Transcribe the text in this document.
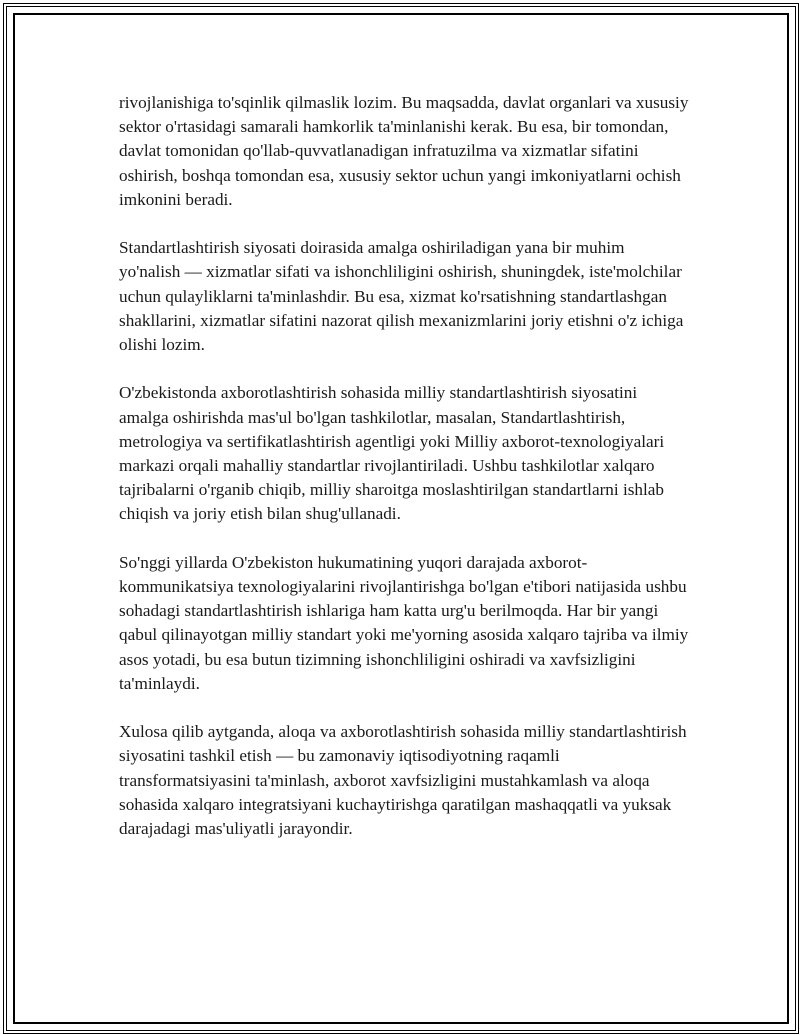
rivojlanishiga to'sqinlik qilmaslik lozim. Bu maqsadda, davlat organlari va xususiy sektor o'rtasidagi samarali hamkorlik ta'minlanishi kerak. Bu esa, bir tomondan, davlat tomonidan qo'llab-quvvatlanadigan infratuzilma va xizmatlar sifatini oshirish, boshqa tomondan esa, xususiy sektor uchun yangi imkoniyatlarni ochish imkonini beradi.

Standartlashtirish siyosati doirasida amalga oshiriladigan yana bir muhim yo'nalish — xizmatlar sifati va ishonchliligini oshirish, shuningdek, iste'molchilar uchun qulayliklarni ta'minlashdir. Bu esa, xizmat ko'rsatishning standartlashgan shakllarini, xizmatlar sifatini nazorat qilish mexanizmlarini joriy etishni o'z ichiga olishi lozim.

O'zbekistonda axborotlashtirish sohasida milliy standartlashtirish siyosatini amalga oshirishda mas'ul bo'lgan tashkilotlar, masalan, Standartlashtirish, metrologiya va sertifikatlashtirish agentligi yoki Milliy axborot-texnologiyalari markazi orqali mahalliy standartlar rivojlantiriladi. Ushbu tashkilotlar xalqaro tajribalarni o'rganib chiqib, milliy sharoitga moslashtirilgan standartlarni ishlab chiqish va joriy etish bilan shug'ullanadi.

So'nggi yillarda O'zbekiston hukumatining yuqori darajada axborot-kommunikatsiya texnologiyalarini rivojlantirishga bo'lgan e'tibori natijasida ushbu sohadagi standartlashtirish ishlariga ham katta urg'u berilmoqda. Har bir yangi qabul qilinayotgan milliy standart yoki me'yorning asosida xalqaro tajriba va ilmiy asos yotadi, bu esa butun tizimning ishonchliligini oshiradi va xavfsizligini ta'minlaydi.

Xulosa qilib aytganda, aloqa va axborotlashtirish sohasida milliy standartlashtirish siyosatini tashkil etish — bu zamonaviy iqtisodiyotning raqamli transformatsiyasini ta'minlash, axborot xavfsizligini mustahkamlash va aloqa sohasida xalqaro integratsiyani kuchaytirishga qaratilgan mashaqqatli va yuksak darajadagi mas'uliyatli jarayondir.
